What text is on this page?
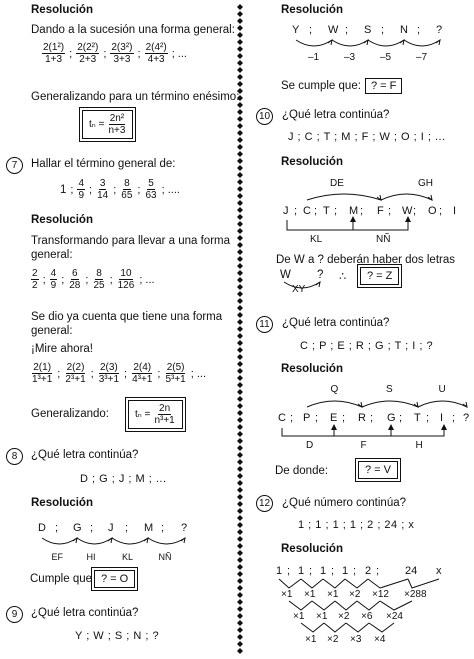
Resolución
Dando a la sucesión una forma general:
$\frac{\text{2(1²)}}{1+3}$ ; $\frac{\text{2(2²)}}{2+3}$ ; $\frac{\text{2(3²)}}{3+3}$ ; $\frac{\text{2(4²)}}{4+3}$ ; ...
Generalizando para un término enésimo:
tₙ =
$\frac{\text{2n²}}{n+3}$
7	Hallar el término general de:
1 ; $\frac{4}{9}$ ; $\frac{3}{14}$ ; $\frac{8}{65}$ ; $\frac{5}{63}$ ; ....
Resolución
Transformando para llevar a una forma general:
$\frac{2}{2}$ ; $\frac{4}{9}$ ; $\frac{6}{28}$ ; $\frac{8}{25}$ ; $\frac{10}{126}$ ; ...
Se dio ya cuenta que tiene una forma general:
¡Mire ahora!
$\frac{2(1)}{\text{1³+1}}$ ; $\frac{2(2)}{\text{2³+1}}$ ; $\frac{2(3)}{\text{3³+1}}$ ; $\frac{2(4)}{\text{4³+1}}$ ; $\frac{2(5)}{\text{5³+1}}$ ; ...
Generalizando:	tₙ =
$\frac{2n}{\text{n³+1}}$
8	¿Qué letra continúa?
D ; G ; J ; M ; ...
Resolución
Cumple que: ? = O
9	¿Qué letra continúa?
Y ; W ; S ; N ; ?
Resolución
Se cumple que: ? = F
10 ¿Qué letra continúa?
J ; C ; T ; M ; F ; W ; O ; I ; ...
Resolución
De W a ? deberán haber dos letras
W ?
XY
∴	? = Z
11 ¿Qué letra continúa?
C ; P ; E ; R ; G ; T ; I ; ?
Resolución
De donde:	? = V
12 ¿Qué número continúa?
1 ; 1 ; 1 ; 1 ; 2 ; 24 ; x
Resolución
D ; G ; J ; M ; ?
EF	HI	KL	NÑ
Y ; W ; S ; N ; ?
–1 –3 –5 –7
J ; C ; T ; M ; F ; W ; O ; I
DE	GH
KL	NÑ
C ; P ; E ; R ; G ; T ; I ; ?
Q	S	U
D	F	H
1 ; 1 ; 1 ; 1 ; 2 ; 24 x
×1 ×1 ×1 ×2 ×12 ×288
×1 ×1 ×2 ×6 ×24
×1 ×2 ×3 ×4
